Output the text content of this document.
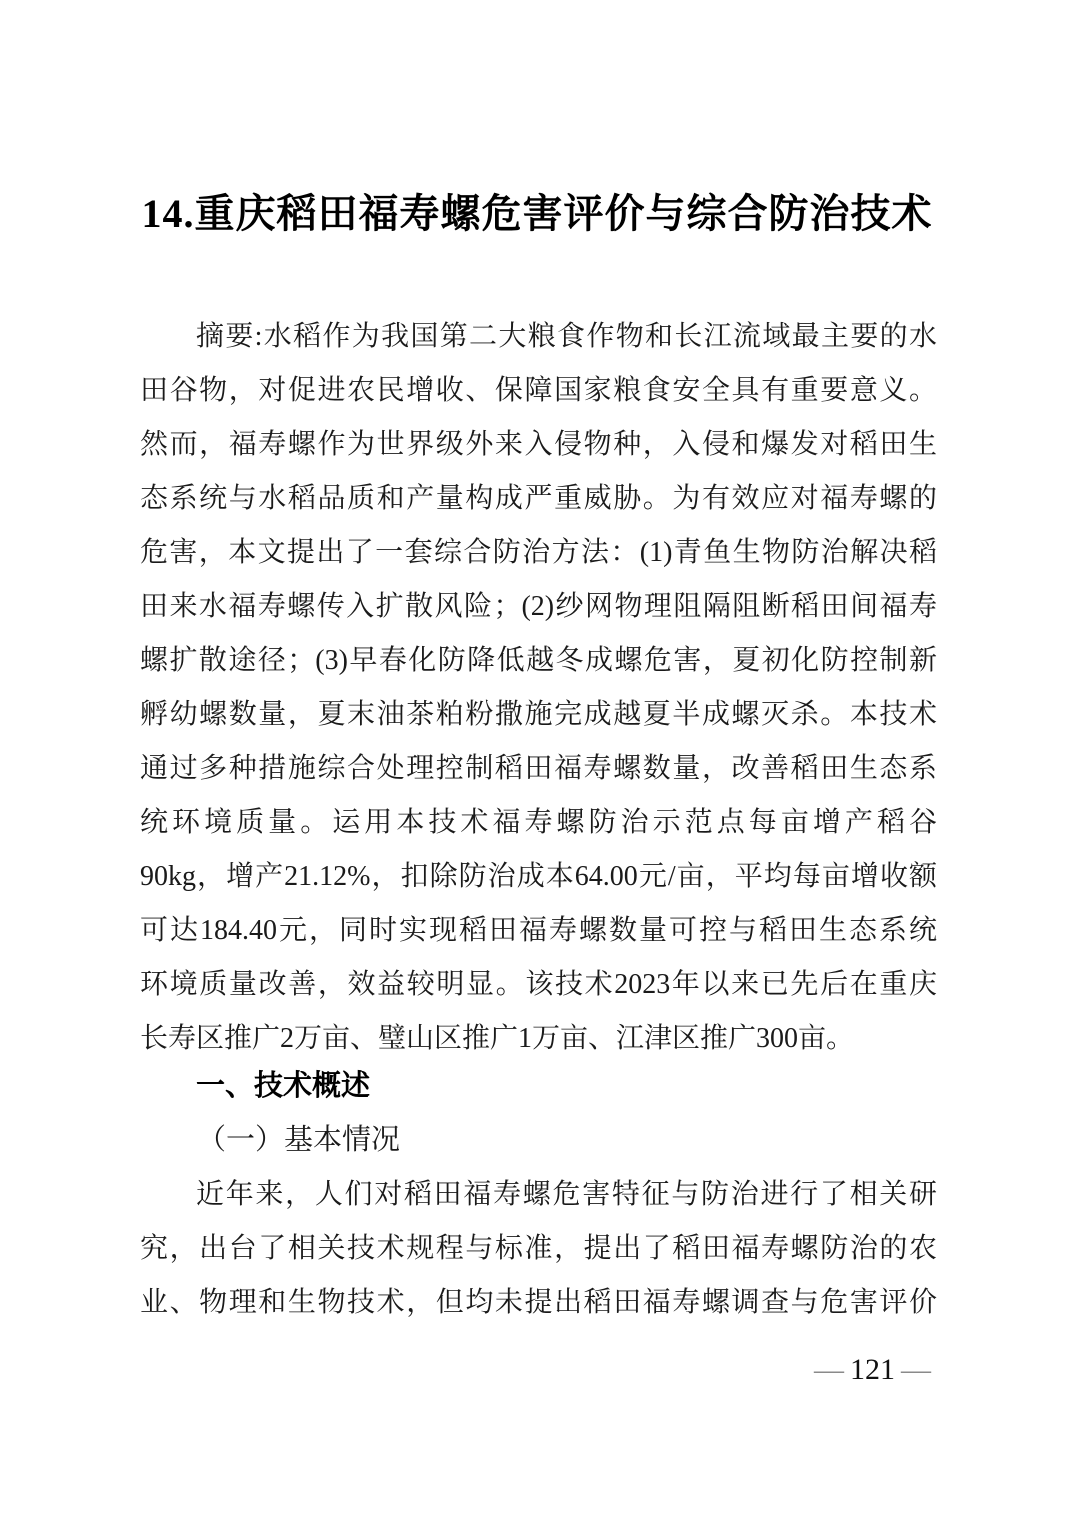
14.重庆稻田福寿螺危害评价与综合防治技术
摘要:水稻作为我国第二大粮食作物和长江流域最主要的水
田谷物，对促进农民增收、保障国家粮食安全具有重要意义。
然而，福寿螺作为世界级外来入侵物种，入侵和爆发对稻田生
态系统与水稻品质和产量构成严重威胁。为有效应对福寿螺的
危害，本文提出了一套综合防治方法：(1)青鱼生物防治解决稻
田来水福寿螺传入扩散风险；(2)纱网物理阻隔阻断稻田间福寿
螺扩散途径；(3)早春化防降低越冬成螺危害，夏初化防控制新
孵幼螺数量，夏末油茶粕粉撒施完成越夏半成螺灭杀。本技术
通过多种措施综合处理控制稻田福寿螺数量，改善稻田生态系
统环境质量。运用本技术福寿螺防治示范点每亩增产稻谷
90kg，增产21.12%，扣除防治成本64.00元/亩，平均每亩增收额
可达184.40元，同时实现稻田福寿螺数量可控与稻田生态系统
环境质量改善，效益较明显。该技术2023年以来已先后在重庆
长寿区推广2万亩、璧山区推广1万亩、江津区推广300亩。
一、技术概述
（一）基本情况
近年来，人们对稻田福寿螺危害特征与防治进行了相关研
究，出台了相关技术规程与标准，提出了稻田福寿螺防治的农
业、物理和生物技术，但均未提出稻田福寿螺调查与危害评价
— 121 —
